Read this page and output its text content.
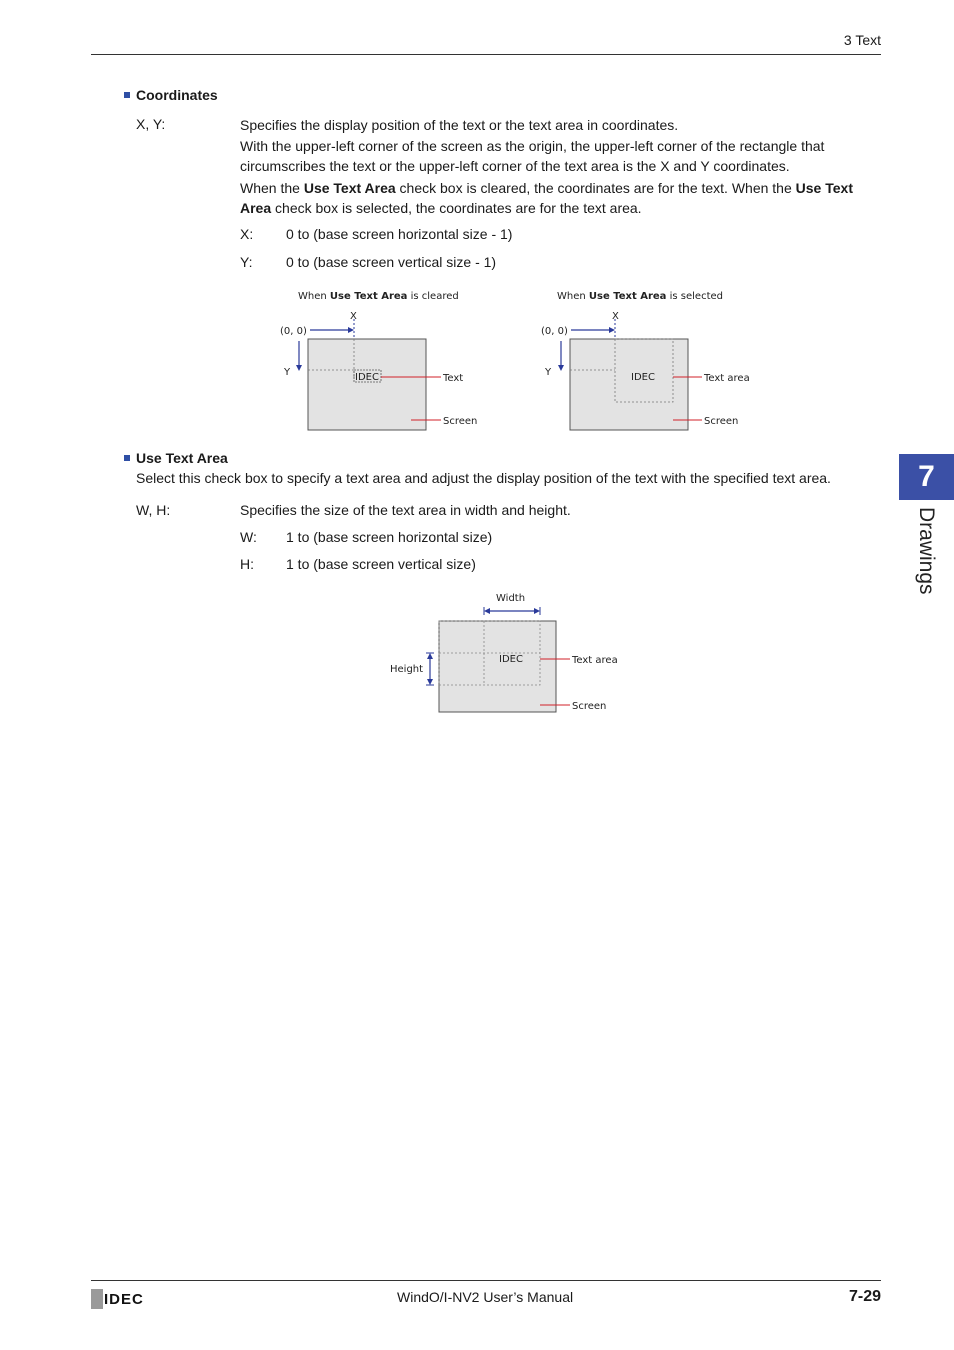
3 Text
Coordinates
X, Y:	Specifies the display position of the text or the text area in coordinates.
With the upper-left corner of the screen as the origin, the upper-left corner of the rectangle that circumscribes the text or the upper-left corner of the text area is the X and Y coordinates.
When the Use Text Area check box is cleared, the coordinates are for the text. When the Use Text Area check box is selected, the coordinates are for the text area.
X: 0 to (base screen horizontal size - 1)
Y: 0 to (base screen vertical size - 1)
When Use Text Area is cleared
X
(0, 0)
Y	IDEC	Text
Screen
When Use Text Area is selected
X
(0, 0)
Y	IDEC	Text area
Screen
Use Text Area
Select this check box to specify a text area and adjust the display position of the text with the specified text area.
W, H:	Specifies the size of the text area in width and height.
W: 1 to (base screen horizontal size)
H: 1 to (base screen vertical size)
Width
Height
IDEC	Text area
Screen
7
Drawings
IDEC	WindO/I-NV2 User’s Manual	7-29
